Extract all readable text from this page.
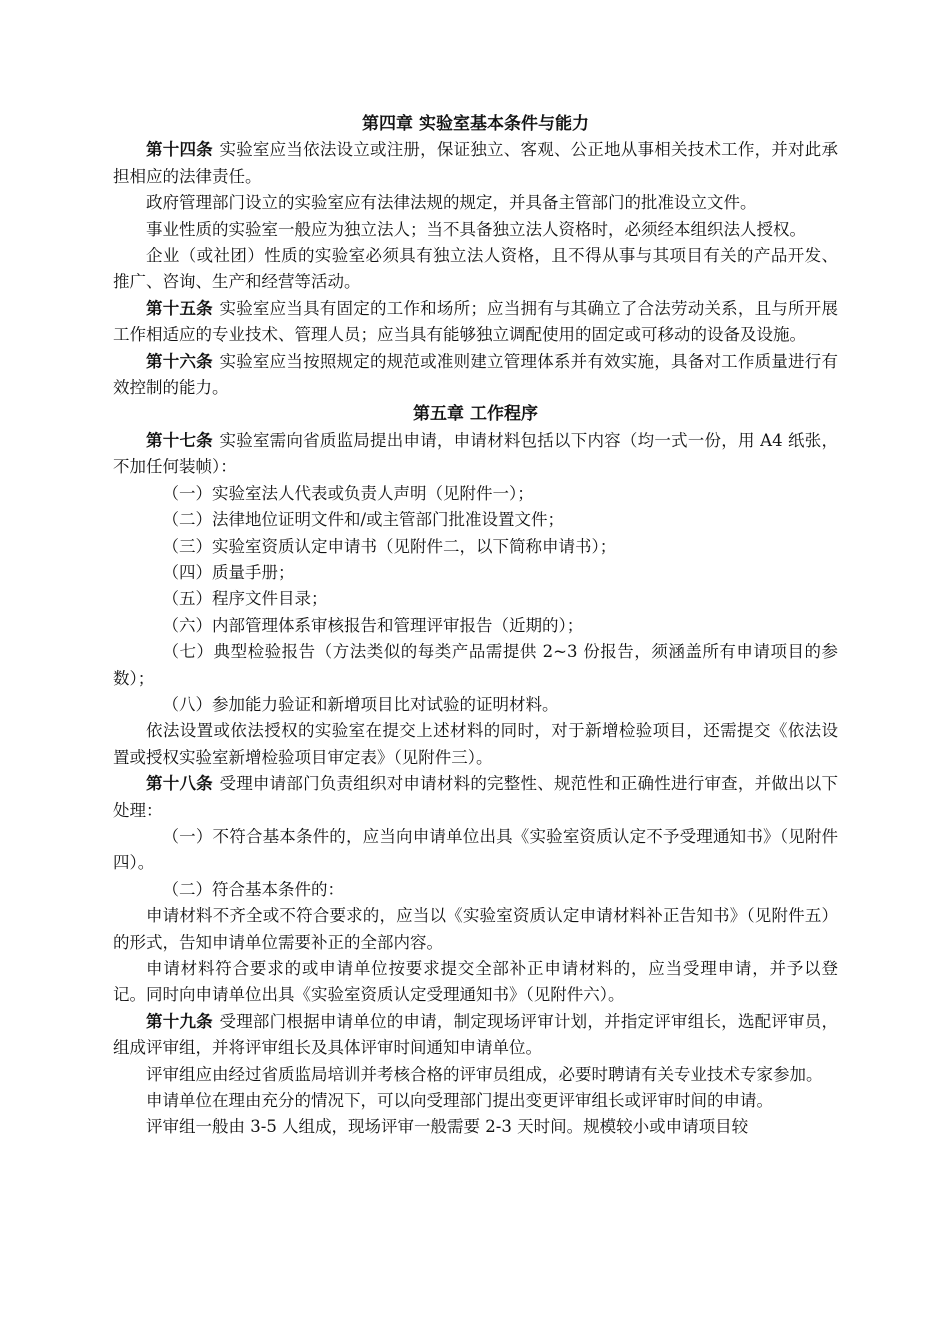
第四章 实验室基本条件与能力

第十四条 实验室应当依法设立或注册，保证独立、客观、公正地从事相关技术工作，并对此承担相应的法律责任。

政府管理部门设立的实验室应有法律法规的规定，并具备主管部门的批准设立文件。

事业性质的实验室一般应为独立法人；当不具备独立法人资格时，必须经本组织法人授权。

企业（或社团）性质的实验室必须具有独立法人资格，且不得从事与其项目有关的产品开发、推广、咨询、生产和经营等活动。

第十五条 实验室应当具有固定的工作和场所；应当拥有与其确立了合法劳动关系，且与所开展工作相适应的专业技术、管理人员；应当具有能够独立调配使用的固定或可移动的设备及设施。

第十六条 实验室应当按照规定的规范或准则建立管理体系并有效实施，具备对工作质量进行有效控制的能力。

第五章 工作程序

第十七条 实验室需向省质监局提出申请，申请材料包括以下内容（均一式一份，用 A4 纸张，不加任何装帧）：

（一）实验室法人代表或负责人声明（见附件一）；

（二）法律地位证明文件和/或主管部门批准设置文件；

（三）实验室资质认定申请书（见附件二，以下简称申请书）；

（四）质量手册；

（五）程序文件目录；

（六）内部管理体系审核报告和管理评审报告（近期的）；

（七）典型检验报告（方法类似的每类产品需提供 2~3 份报告，须涵盖所有申请项目的参数）；

（八）参加能力验证和新增项目比对试验的证明材料。

依法设置或依法授权的实验室在提交上述材料的同时，对于新增检验项目，还需提交《依法设置或授权实验室新增检验项目审定表》（见附件三）。

第十八条 受理申请部门负责组织对申请材料的完整性、规范性和正确性进行审查，并做出以下处理：

（一）不符合基本条件的，应当向申请单位出具《实验室资质认定不予受理通知书》（见附件四）。

（二）符合基本条件的：

申请材料不齐全或不符合要求的，应当以《实验室资质认定申请材料补正告知书》（见附件五）的形式，告知申请单位需要补正的全部内容。

申请材料符合要求的或申请单位按要求提交全部补正申请材料的，应当受理申请，并予以登记。同时向申请单位出具《实验室资质认定受理通知书》（见附件六）。

第十九条 受理部门根据申请单位的申请，制定现场评审计划，并指定评审组长，选配评审员，组成评审组，并将评审组长及具体评审时间通知申请单位。

评审组应由经过省质监局培训并考核合格的评审员组成，必要时聘请有关专业技术专家参加。

申请单位在理由充分的情况下，可以向受理部门提出变更评审组长或评审时间的申请。

评审组一般由 3-5 人组成，现场评审一般需要 2-3 天时间。规模较小或申请项目较
